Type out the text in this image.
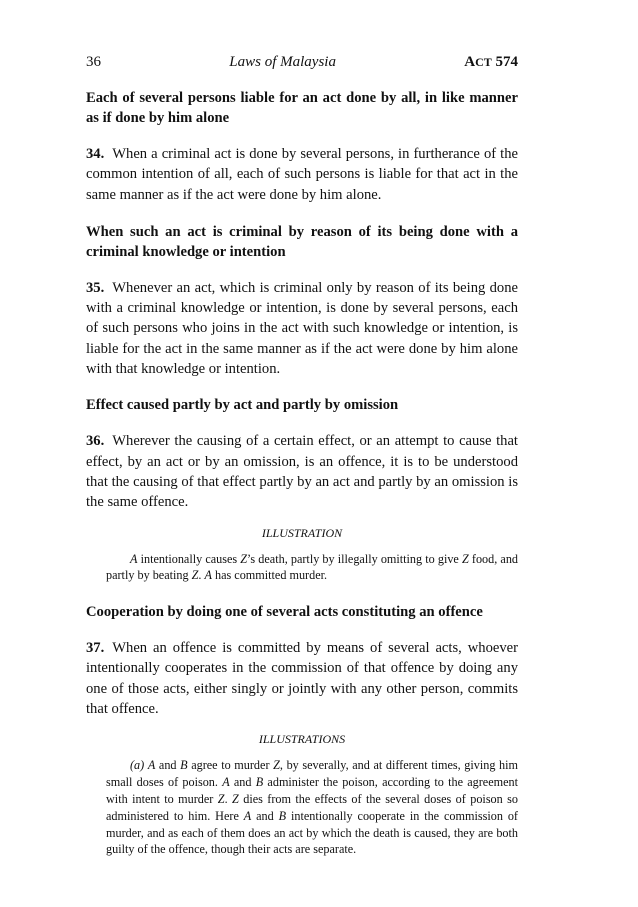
36	Laws of Malaysia	ACT 574

Each of several persons liable for an act done by all, in like manner as if done by him alone

34. When a criminal act is done by several persons, in furtherance of the common intention of all, each of such persons is liable for that act in the same manner as if the act were done by him alone.

When such an act is criminal by reason of its being done with a criminal knowledge or intention

35. Whenever an act, which is criminal only by reason of its being done with a criminal knowledge or intention, is done by several persons, each of such persons who joins in the act with such knowledge or intention, is liable for the act in the same manner as if the act were done by him alone with that knowledge or intention.

Effect caused partly by act and partly by omission

36. Wherever the causing of a certain effect, or an attempt to cause that effect, by an act or by an omission, is an offence, it is to be understood that the causing of that effect partly by an act and partly by an omission is the same offence.

ILLUSTRATION

A intentionally causes Z’s death, partly by illegally omitting to give Z food, and partly by beating Z. A has committed murder.

Cooperation by doing one of several acts constituting an offence

37. When an offence is committed by means of several acts, whoever intentionally cooperates in the commission of that offence by doing any one of those acts, either singly or jointly with any other person, commits that offence.

ILLUSTRATIONS

(a) A and B agree to murder Z, by severally, and at different times, giving him small doses of poison. A and B administer the poison, according to the agreement with intent to murder Z. Z dies from the effects of the several doses of poison so administered to him. Here A and B intentionally cooperate in the commission of murder, and as each of them does an act by which the death is caused, they are both guilty of the offence, though their acts are separate.
